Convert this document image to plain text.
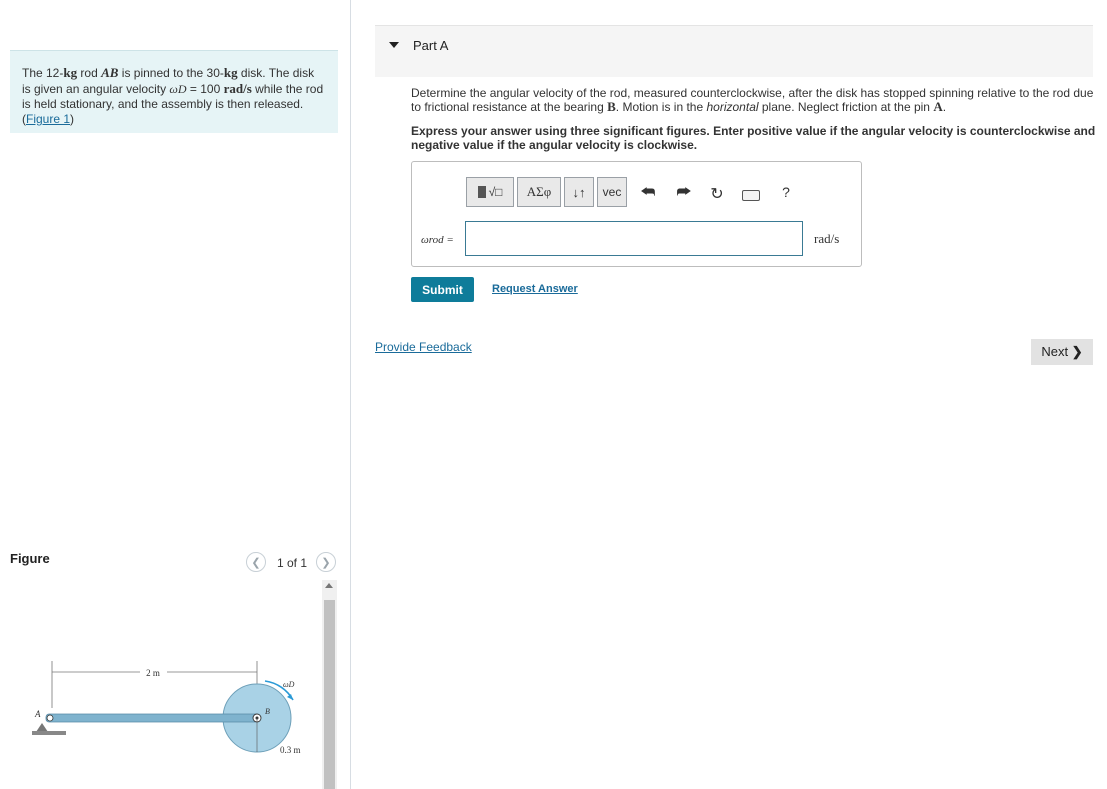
The 12-kg rod AB is pinned to the 30-kg disk. The disk is given an angular velocity ωD = 100 rad/s while the rod is held stationary, and the assembly is then released.
(Figure 1)
Figure	❮ 1 of 1 ❯
2 m
ωD
A	B
0.3 m
Part A
Determine the angular velocity of the rod, measured counterclockwise, after the disk has stopped spinning relative to the rod due to frictional resistance at the bearing B. Motion is in the horizontal plane. Neglect friction at the pin A.
Express your answer using three significant figures. Enter positive value if the angular velocity is counterclockwise and negative value if the angular velocity is clockwise.
√□	ΑΣφ	↓↑	vec	⮪ ⮫ ↻	?
ωrod =	rad/s
Submit	Request Answer
Provide Feedback	Next ❯
